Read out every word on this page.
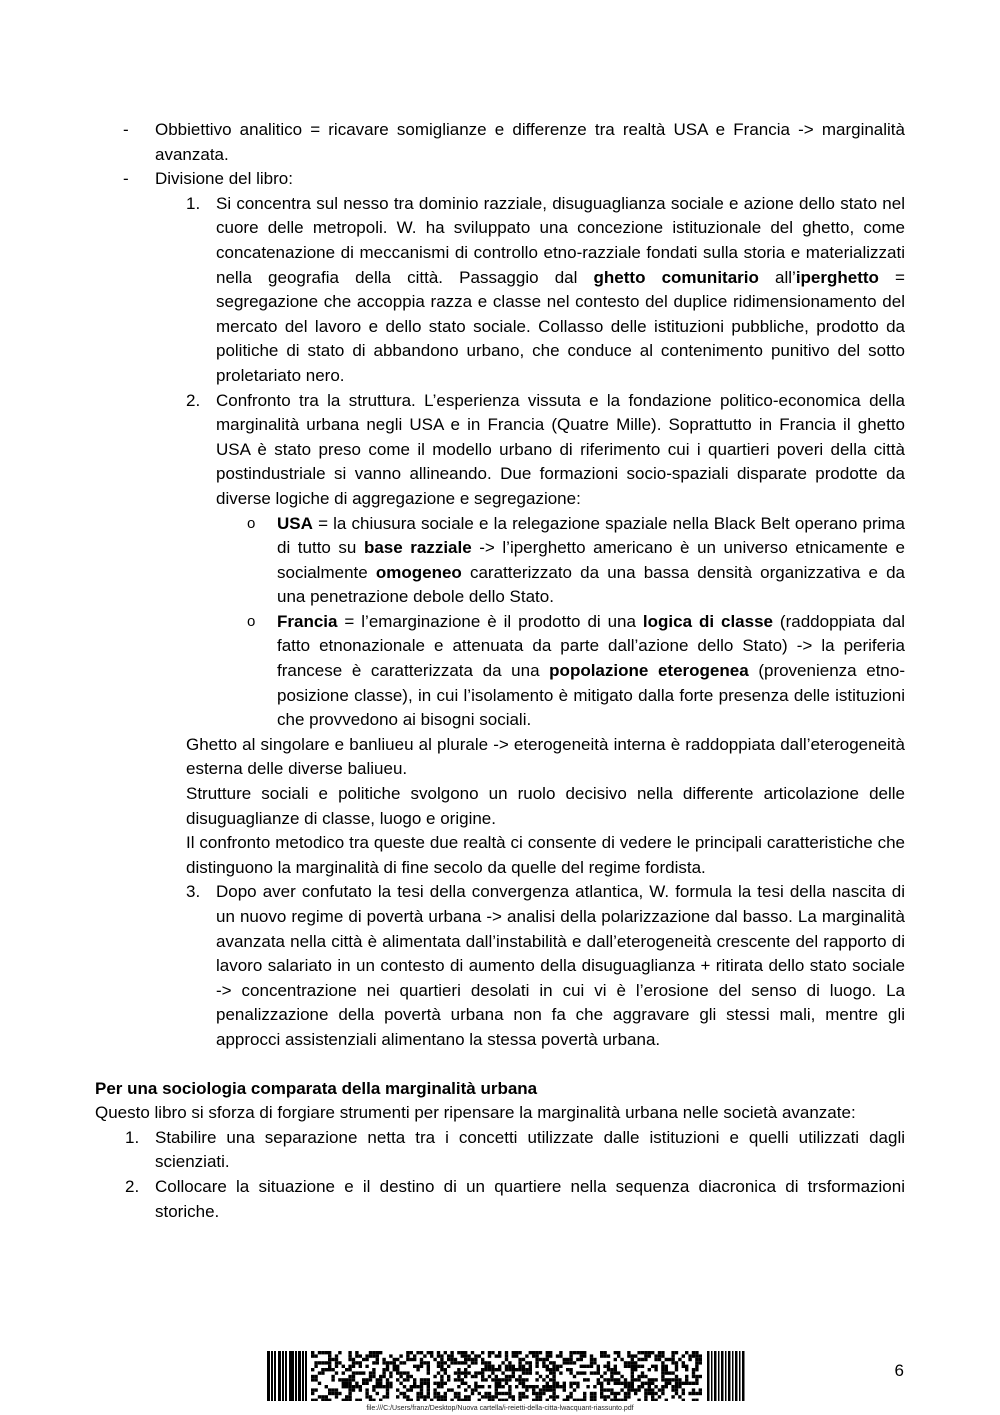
- Obbiettivo analitico = ricavare somiglianze e differenze tra realtà USA e Francia -> marginalità avanzata.
- Divisione del libro:
1. Si concentra sul nesso tra dominio razziale, disuguaglianza sociale e azione dello stato nel cuore delle metropoli. W. ha sviluppato una concezione istituzionale del ghetto, come concatenazione di meccanismi di controllo etno-razziale fondati sulla storia e materializzati nella geografia della città. Passaggio dal ghetto comunitario all’iperghetto = segregazione che accoppia razza e classe nel contesto del duplice ridimensionamento del mercato del lavoro e dello stato sociale. Collasso delle istituzioni pubbliche, prodotto da politiche di stato di abbandono urbano, che conduce al contenimento punitivo del sotto proletariato nero.
2. Confronto tra la struttura. L’esperienza vissuta e la fondazione politico-economica della marginalità urbana negli USA e in Francia (Quatre Mille). Soprattutto in Francia il ghetto USA è stato preso come il modello urbano di riferimento cui i quartieri poveri della città postindustriale si vanno allineando. Due formazioni socio-spaziali disparate prodotte da diverse logiche di aggregazione e segregazione:
o USA = la chiusura sociale e la relegazione spaziale nella Black Belt operano prima di tutto su base razziale -> l’iperghetto americano è un universo etnicamente e socialmente omogeneo caratterizzato da una bassa densità organizzativa e da una penetrazione debole dello Stato.
o Francia = l’emarginazione è il prodotto di una logica di classe (raddoppiata dal fatto etnonazionale e attenuata da parte dall’azione dello Stato) -> la periferia francese è caratterizzata da una popolazione eterogenea (provenienza etno-posizione classe), in cui l’isolamento è mitigato dalla forte presenza delle istituzioni che provvedono ai bisogni sociali.
Ghetto al singolare e banliueu al plurale -> eterogeneità interna è raddoppiata dall’eterogeneità esterna delle diverse baliueu.
Strutture sociali e politiche svolgono un ruolo decisivo nella differente articolazione delle disuguaglianze di classe, luogo e origine.
Il confronto metodico tra queste due realtà ci consente di vedere le principali caratteristiche che distinguono la marginalità di fine secolo da quelle del regime fordista.
3. Dopo aver confutato la tesi della convergenza atlantica, W. formula la tesi della nascita di un nuovo regime di povertà urbana -> analisi della polarizzazione dal basso. La marginalità avanzata nella città è alimentata dall’instabilità e dall’eterogeneità crescente del rapporto di lavoro salariato in un contesto di aumento della disuguaglianza + ritirata dello stato sociale -> concentrazione nei quartieri desolati in cui vi è l’erosione del senso di luogo. La penalizzazione della povertà urbana non fa che aggravare gli stessi mali, mentre gli approcci assistenziali alimentano la stessa povertà urbana.
Per una sociologia comparata della marginalità urbana
Questo libro si sforza di forgiare strumenti per ripensare la marginalità urbana nelle società avanzate:
1. Stabilire una separazione netta tra i concetti utilizzate dalle istituzioni e quelli utilizzati dagli scienziati.
2. Collocare la situazione e il destino di un quartiere nella sequenza diacronica di trsformazioni storiche.
6
file:///C:/Users/franz/Desktop/Nuova cartella/i-reietti-della-citta-lwacquant-riassunto.pdf
